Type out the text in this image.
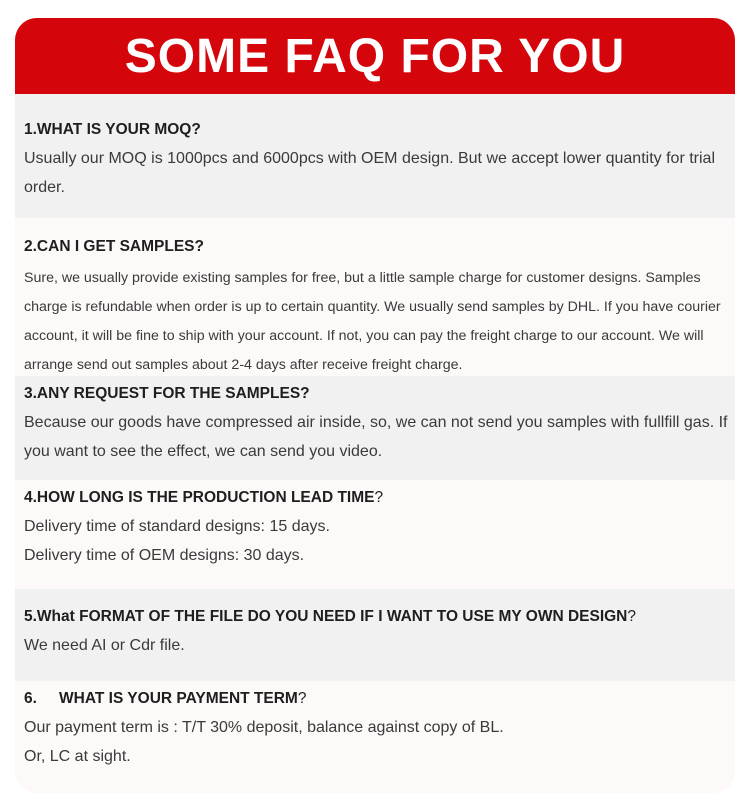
SOME FAQ FOR YOU

1.WHAT IS YOUR MOQ?

Usually our MOQ is 1000pcs and 6000pcs with OEM design. But we accept lower quantity for trial order.

2.CAN I GET SAMPLES?

Sure, we usually provide existing samples for free, but a little sample charge for customer designs. Samples charge is refundable when order is up to certain quantity. We usually send samples by DHL. If you have courier account, it will be fine to ship with your account. If not, you can pay the freight charge to our account. We will arrange send out samples about 2-4 days after receive freight charge.

3.ANY REQUEST FOR THE SAMPLES?

Because our goods have compressed air inside, so, we can not send you samples with fullfill gas. If you want to see the effect, we can send you video.

4.HOW LONG IS THE PRODUCTION LEAD TIME?

Delivery time of standard designs: 15 days.

Delivery time of OEM designs: 30 days.

5.What FORMAT OF THE FILE DO YOU NEED IF I WANT TO USE MY OWN DESIGN?

We need AI or Cdr file.

6. WHAT IS YOUR PAYMENT TERM?

Our payment term is : T/T 30% deposit, balance against copy of BL.

Or, LC at sight.
